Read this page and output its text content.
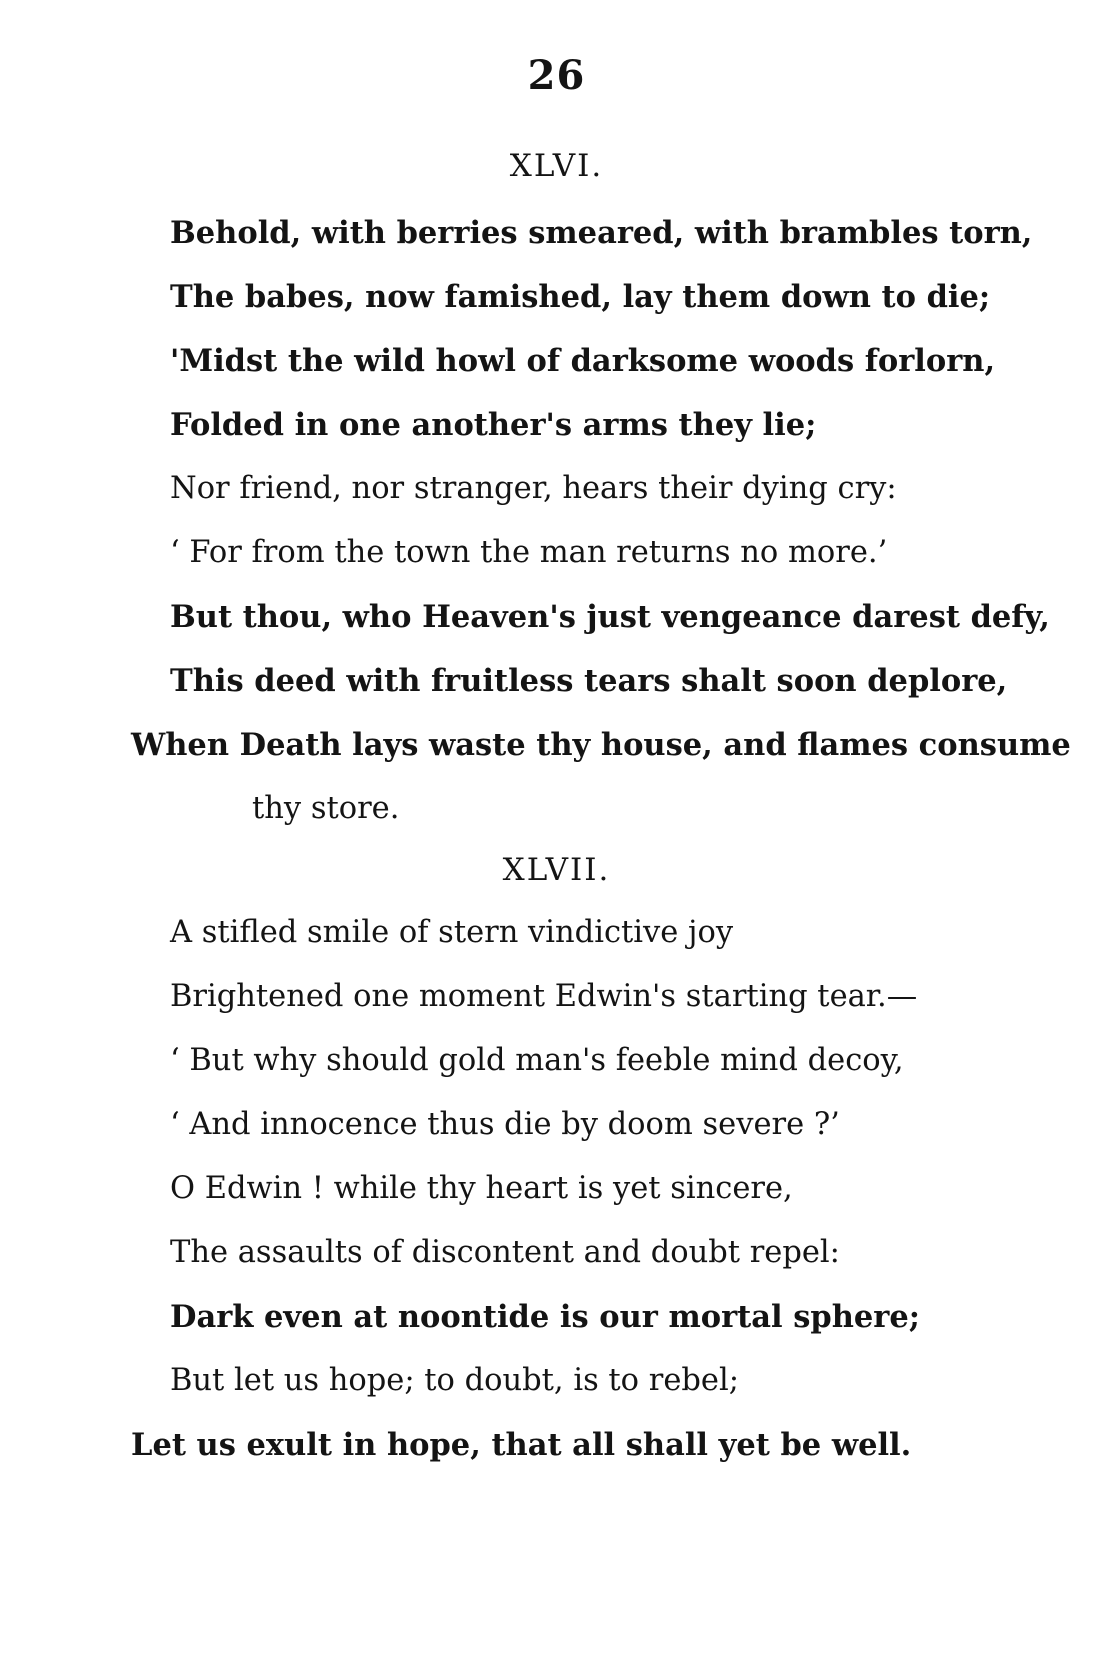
26
XLVI.
Behold, with berries smeared, with brambles torn,
The babes, now famished, lay them down to die;
'Midst the wild howl of darksome woods forlorn,
Folded in one another's arms they lie;
Nor friend, nor stranger, hears their dying cry:
‘ For from the town the man returns no more.’
But thou, who Heaven's just vengeance darest defy,
This deed with fruitless tears shalt soon deplore,
When Death lays waste thy house, and flames consume
thy store.
XLVII.
A stifled smile of stern vindictive joy
Brightened one moment Edwin's starting tear.—
‘ But why should gold man's feeble mind decoy,
‘ And innocence thus die by doom severe ?’
O Edwin ! while thy heart is yet sincere,
The assaults of discontent and doubt repel:
Dark even at noontide is our mortal sphere;
But let us hope; to doubt, is to rebel;
Let us exult in hope, that all shall yet be well.
